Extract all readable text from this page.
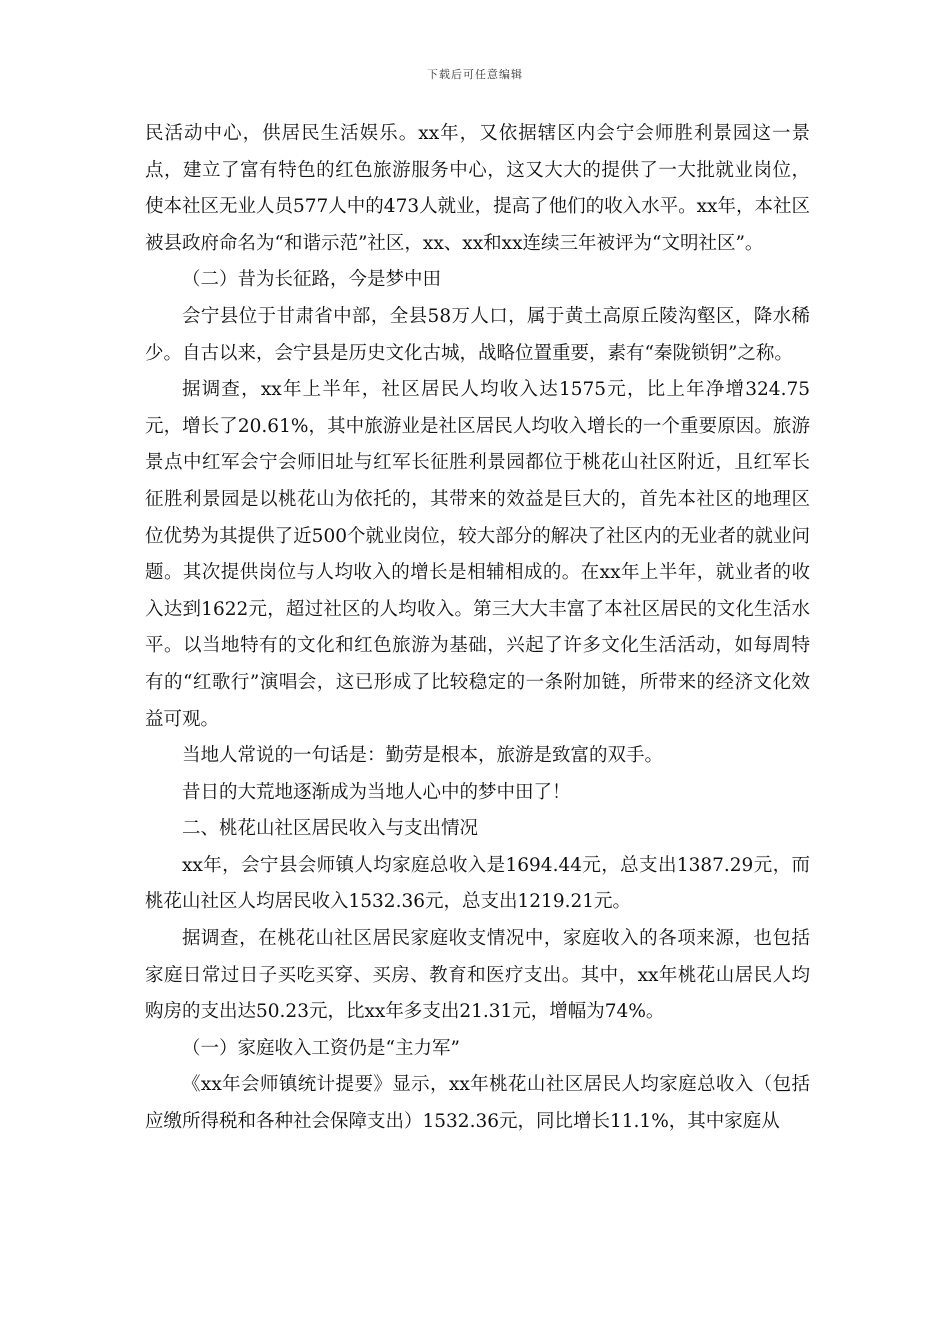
下载后可任意编辑

民活动中心，供居民生活娱乐。xx年，又依据辖区内会宁会师胜利景园这一景点，建立了富有特色的红色旅游服务中心，这又大大的提供了一大批就业岗位，使本社区无业人员577人中的473人就业，提高了他们的收入水平。xx年，本社区被县政府命名为“和谐示范”社区，xx、xx和xx连续三年被评为“文明社区”。

（二）昔为长征路，今是梦中田

会宁县位于甘肃省中部，全县58万人口，属于黄土高原丘陵沟壑区，降水稀少。自古以来，会宁县是历史文化古城，战略位置重要，素有“秦陇锁钥”之称。

据调查，xx年上半年，社区居民人均收入达1575元，比上年净增324.75元，增长了20.61%，其中旅游业是社区居民人均收入增长的一个重要原因。旅游景点中红军会宁会师旧址与红军长征胜利景园都位于桃花山社区附近，且红军长征胜利景园是以桃花山为依托的，其带来的效益是巨大的，首先本社区的地理区位优势为其提供了近500个就业岗位，较大部分的解决了社区内的无业者的就业问题。其次提供岗位与人均收入的增长是相辅相成的。在xx年上半年，就业者的收入达到1622元，超过社区的人均收入。第三大大丰富了本社区居民的文化生活水平。以当地特有的文化和红色旅游为基础，兴起了许多文化生活活动，如每周特有的“红歌行”演唱会，这已形成了比较稳定的一条附加链，所带来的经济文化效益可观。

当地人常说的一句话是：勤劳是根本，旅游是致富的双手。

昔日的大荒地逐渐成为当地人心中的梦中田了！

二、桃花山社区居民收入与支出情况

xx年，会宁县会师镇人均家庭总收入是1694.44元，总支出1387.29元，而桃花山社区人均居民收入1532.36元，总支出1219.21元。

据调查，在桃花山社区居民家庭收支情况中，家庭收入的各项来源，也包括家庭日常过日子买吃买穿、买房、教育和医疗支出。其中，xx年桃花山居民人均购房的支出达50.23元，比xx年多支出21.31元，增幅为74%。

（一）家庭收入工资仍是“主力军”

《xx年会师镇统计提要》显示，xx年桃花山社区居民人均家庭总收入（包括应缴所得税和各种社会保障支出）1532.36元，同比增长11.1%，其中家庭从
